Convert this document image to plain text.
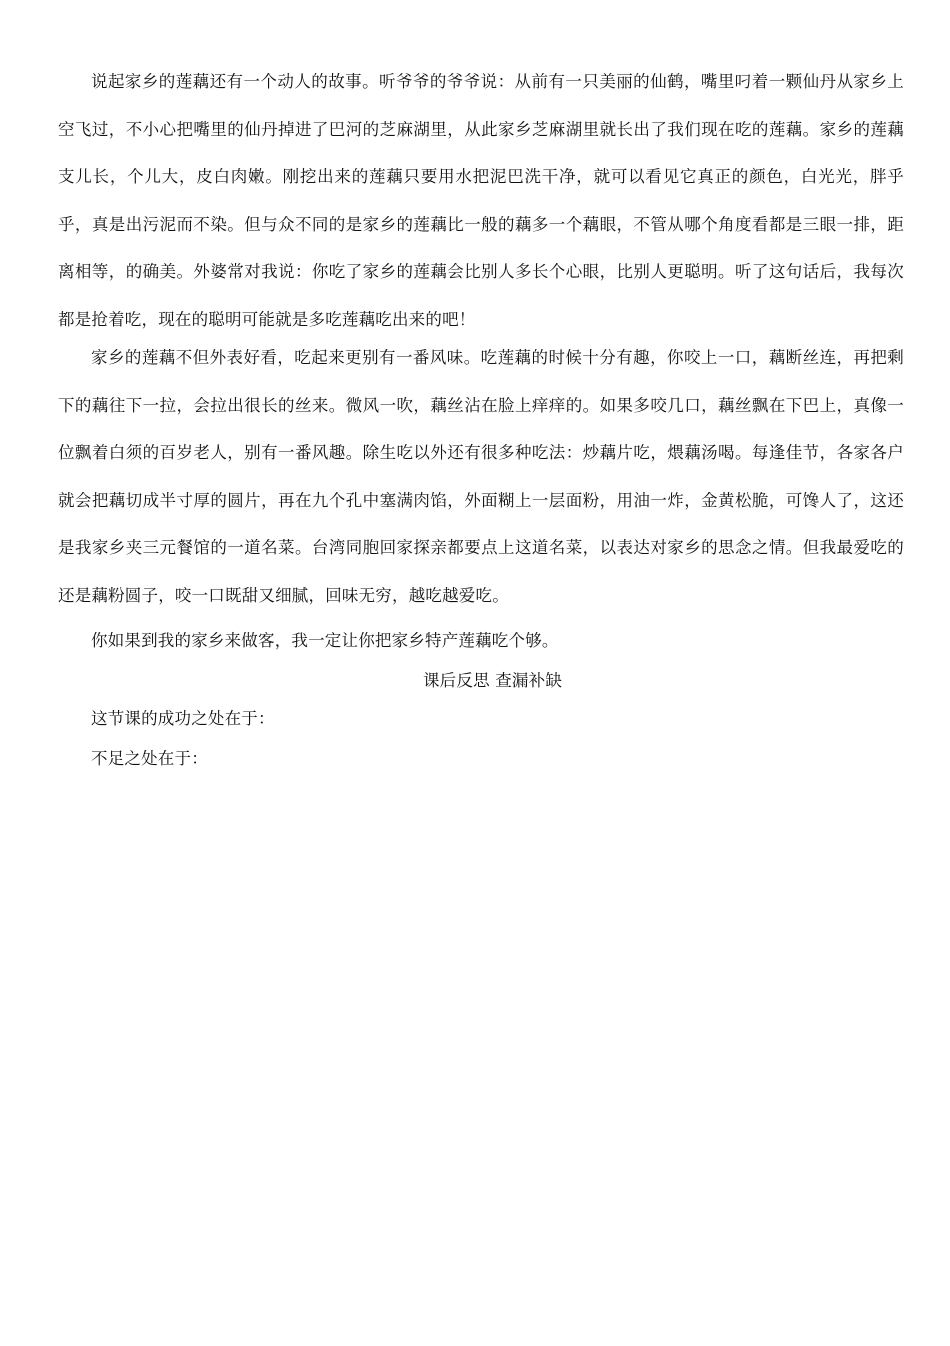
说起家乡的莲藕还有一个动人的故事。听爷爷的爷爷说：从前有一只美丽的仙鹤，嘴里叼着一颗仙丹从家乡上空飞过，不小心把嘴里的仙丹掉进了巴河的芝麻湖里，从此家乡芝麻湖里就长出了我们现在吃的莲藕。家乡的莲藕支儿长，个儿大，皮白肉嫩。刚挖出来的莲藕只要用水把泥巴洗干净，就可以看见它真正的颜色，白光光，胖乎乎，真是出污泥而不染。但与众不同的是家乡的莲藕比一般的藕多一个藕眼，不管从哪个角度看都是三眼一排，距离相等，的确美。外婆常对我说：你吃了家乡的莲藕会比别人多长个心眼，比别人更聪明。听了这句话后，我每次都是抢着吃，现在的聪明可能就是多吃莲藕吃出来的吧！

家乡的莲藕不但外表好看，吃起来更别有一番风味。吃莲藕的时候十分有趣，你咬上一口，藕断丝连，再把剩下的藕往下一拉，会拉出很长的丝来。微风一吹，藕丝沾在脸上痒痒的。如果多咬几口，藕丝飘在下巴上，真像一位飘着白须的百岁老人，别有一番风趣。除生吃以外还有很多种吃法：炒藕片吃，煨藕汤喝。每逢佳节，各家各户就会把藕切成半寸厚的圆片，再在九个孔中塞满肉馅，外面糊上一层面粉，用油一炸，金黄松脆，可馋人了，这还是我家乡夹三元餐馆的一道名菜。台湾同胞回家探亲都要点上这道名菜，以表达对家乡的思念之情。但我最爱吃的还是藕粉圆子，咬一口既甜又细腻，回味无穷，越吃越爱吃。

你如果到我的家乡来做客，我一定让你把家乡特产莲藕吃个够。

课后反思 查漏补缺

这节课的成功之处在于：

不足之处在于：
